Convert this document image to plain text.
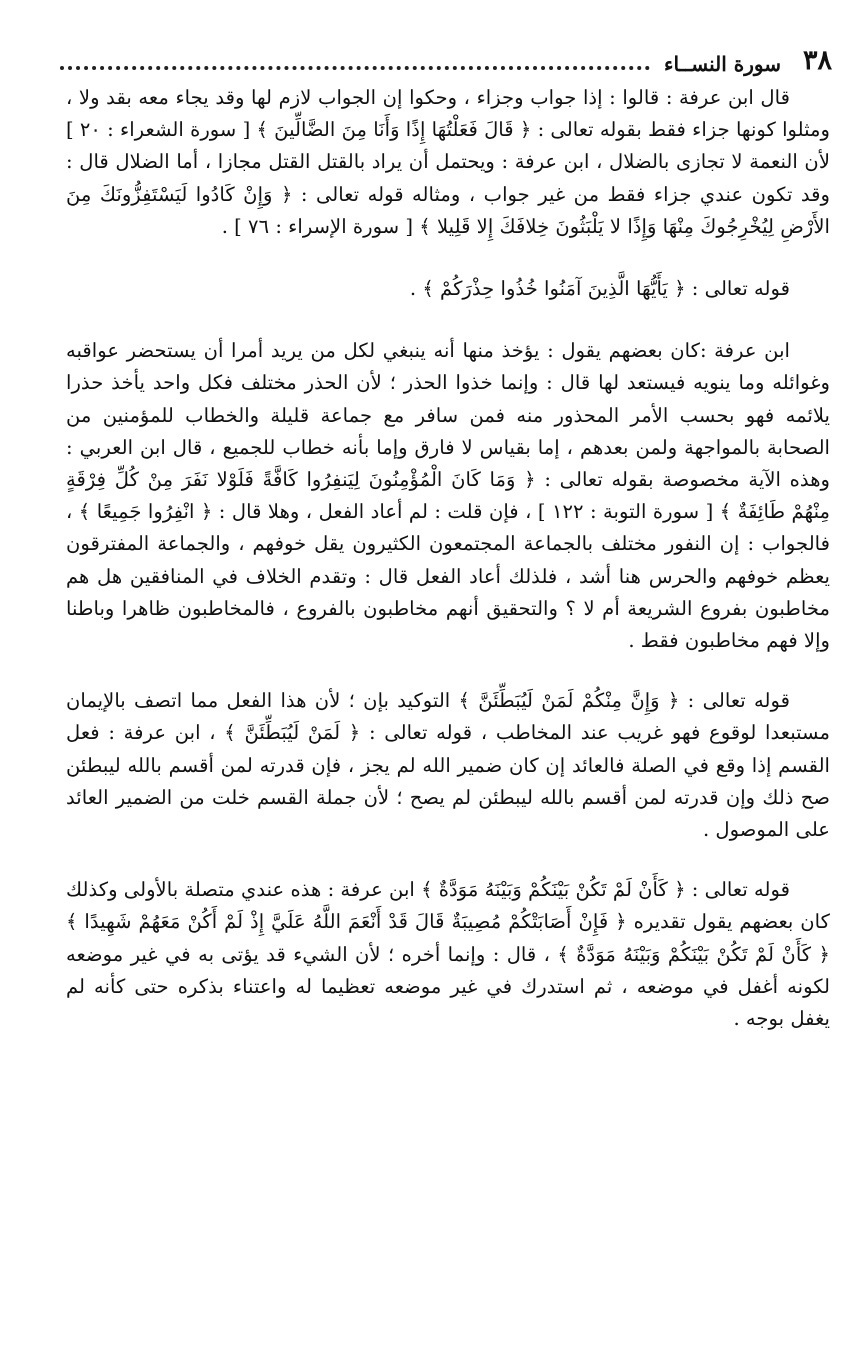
٣٨
سورة النســاء

قال ابن عرفة : قالوا : إذا جواب وجزاء ، وحكوا إن الجواب لازم لها وقد يجاء معه بقد ولا ، ومثلوا كونها جزاء فقط بقوله تعالى : ﴿ قَالَ فَعَلْتُهَا إِذًا وَأَنَا مِنَ الضَّالِّينَ ﴾ [ سورة الشعراء : ٢٠ ] لأن النعمة لا تجازى بالضلال ، ابن عرفة : ويحتمل أن يراد بالقتل القتل مجازا ، أما الضلال قال : وقد تكون عندي جزاء فقط من غير جواب ، ومثاله قوله تعالى : ﴿ وَإِنْ كَادُوا لَيَسْتَفِزُّونَكَ مِنَ الأَرْضِ لِيُخْرِجُوكَ مِنْهَا وَإِذًا لا يَلْبَثُونَ خِلافَكَ إِلا قَلِيلا ﴾ [ سورة الإسراء : ٧٦ ] .

قوله تعالى : ﴿ يَأَيُّهَا الَّذِينَ آمَنُوا خُذُوا حِذْرَكُمْ ﴾ .

ابن عرفة :كان بعضهم يقول : يؤخذ منها أنه ينبغي لكل من يريد أمرا أن يستحضر عواقبه وغوائله وما ينويه فيستعد لها قال : وإنما خذوا الحذر ؛ لأن الحذر مختلف فكل واحد يأخذ حذرا يلائمه فهو بحسب الأمر المحذور منه فمن سافر مع جماعة قليلة والخطاب للمؤمنين من الصحابة بالمواجهة ولمن بعدهم ، إما بقياس لا فارق وإما بأنه خطاب للجميع ، قال ابن العربي : وهذه الآية مخصوصة بقوله تعالى : ﴿ وَمَا كَانَ الْمُؤْمِنُونَ لِيَنفِرُوا كَافَّةً فَلَوْلا نَفَرَ مِنْ كُلِّ فِرْقَةٍ مِنْهُمْ طَائِفَةٌ ﴾ [ سورة التوبة : ١٢٢ ] ، فإن قلت : لم أعاد الفعل ، وهلا قال : ﴿ انْفِرُوا جَمِيعًا ﴾ ، فالجواب : إن النفور مختلف بالجماعة المجتمعون الكثيرون يقل خوفهم ، والجماعة المفترقون يعظم خوفهم والحرس هنا أشد ، فلذلك أعاد الفعل قال : وتقدم الخلاف في المنافقين هل هم مخاطبون بفروع الشريعة أم لا ؟ والتحقيق أنهم مخاطبون بالفروع ، فالمخاطبون ظاهرا وباطنا وإلا فهم مخاطبون فقط .

قوله تعالى : ﴿ وَإِنَّ مِنْكُمْ لَمَنْ لَيُبَطِّئَنَّ ﴾ التوكيد بإن ؛ لأن هذا الفعل مما اتصف بالإيمان مستبعدا لوقوع فهو غريب عند المخاطب ، قوله تعالى : ﴿ لَمَنْ لَيُبَطِّئَنَّ ﴾ ، ابن عرفة : فعل القسم إذا وقع في الصلة فالعائد إن كان ضمير الله لم يجز ، فإن قدرته لمن أقسم بالله ليبطئن صح ذلك وإن قدرته لمن أقسم بالله ليبطئن لم يصح ؛ لأن جملة القسم خلت من الضمير العائد على الموصول .

قوله تعالى : ﴿ كَأَنْ لَمْ تَكُنْ بَيْنَكُمْ وَبَيْنَهُ مَوَدَّةٌ ﴾ ابن عرفة : هذه عندي متصلة بالأولى وكذلك كان بعضهم يقول تقديره ﴿ فَإِنْ أَصَابَتْكُمْ مُصِيبَةٌ قَالَ قَدْ أَنْعَمَ اللَّهُ عَلَيَّ إِذْ لَمْ أَكُنْ مَعَهُمْ شَهِيدًا ﴾ ﴿ كَأَنْ لَمْ تَكُنْ بَيْنَكُمْ وَبَيْنَهُ مَوَدَّةٌ ﴾ ، قال : وإنما أخره ؛ لأن الشيء قد يؤتى به في غير موضعه لكونه أغفل في موضعه ، ثم استدرك في غير موضعه تعظيما له واعتناء بذكره حتى كأنه لم يغفل بوجه .
